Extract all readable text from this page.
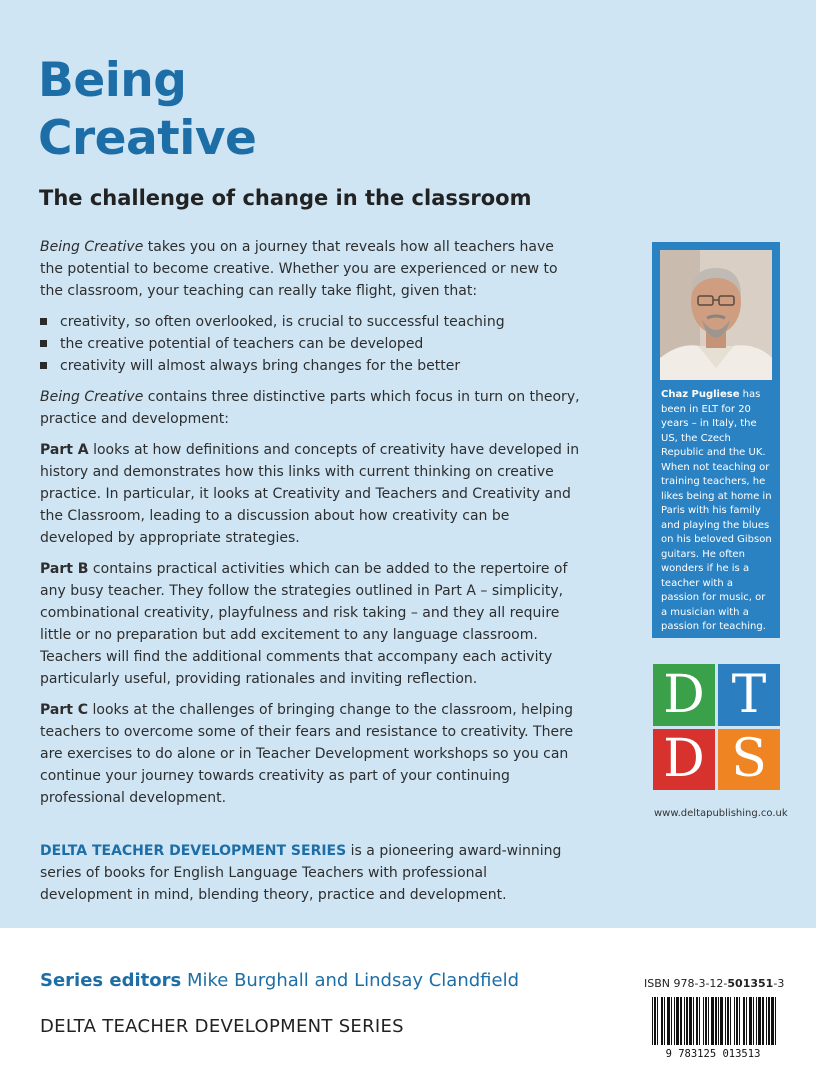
Being
Creative
The challenge of change in the classroom

Being Creative takes you on a journey that reveals how all teachers have the potential to become creative. Whether you are experienced or new to the classroom, your teaching can really take flight, given that:

creativity, so often overlooked, is crucial to successful teaching
the creative potential of teachers can be developed
creativity will almost always bring changes for the better

Being Creative contains three distinctive parts which focus in turn on theory, practice and development:

Part A looks at how definitions and concepts of creativity have developed in history and demonstrates how this links with current thinking on creative practice. In particular, it looks at Creativity and Teachers and Creativity and the Classroom, leading to a discussion about how creativity can be developed by appropriate strategies.

Part B contains practical activities which can be added to the repertoire of any busy teacher. They follow the strategies outlined in Part A – simplicity, combinational creativity, playfulness and risk taking – and they all require little or no preparation but add excitement to any language classroom. Teachers will find the additional comments that accompany each activity particularly useful, providing rationales and inviting reflection.

Part C looks at the challenges of bringing change to the classroom, helping teachers to overcome some of their fears and resistance to creativity. There are exercises to do alone or in Teacher Development workshops so you can continue your journey towards creativity as part of your continuing professional development.

DELTA TEACHER DEVELOPMENT SERIES is a pioneering award-winning series of books for English Language Teachers with professional development in mind, blending theory, practice and development.

Chaz Pugliese has been in ELT for 20 years – in Italy, the US, the Czech Republic and the UK. When not teaching or training teachers, he likes being at home in Paris with his family and playing the blues on his beloved Gibson guitars. He often wonders if he is a teacher with a passion for music, or a musician with a passion for teaching.

D T
D S
www.deltapublishing.co.uk
Series editors Mike Burghall and Lindsay Clandfield
DELTA TEACHER DEVELOPMENT SERIES
ISBN 978-3-12-501351-3
9 783125 013513
